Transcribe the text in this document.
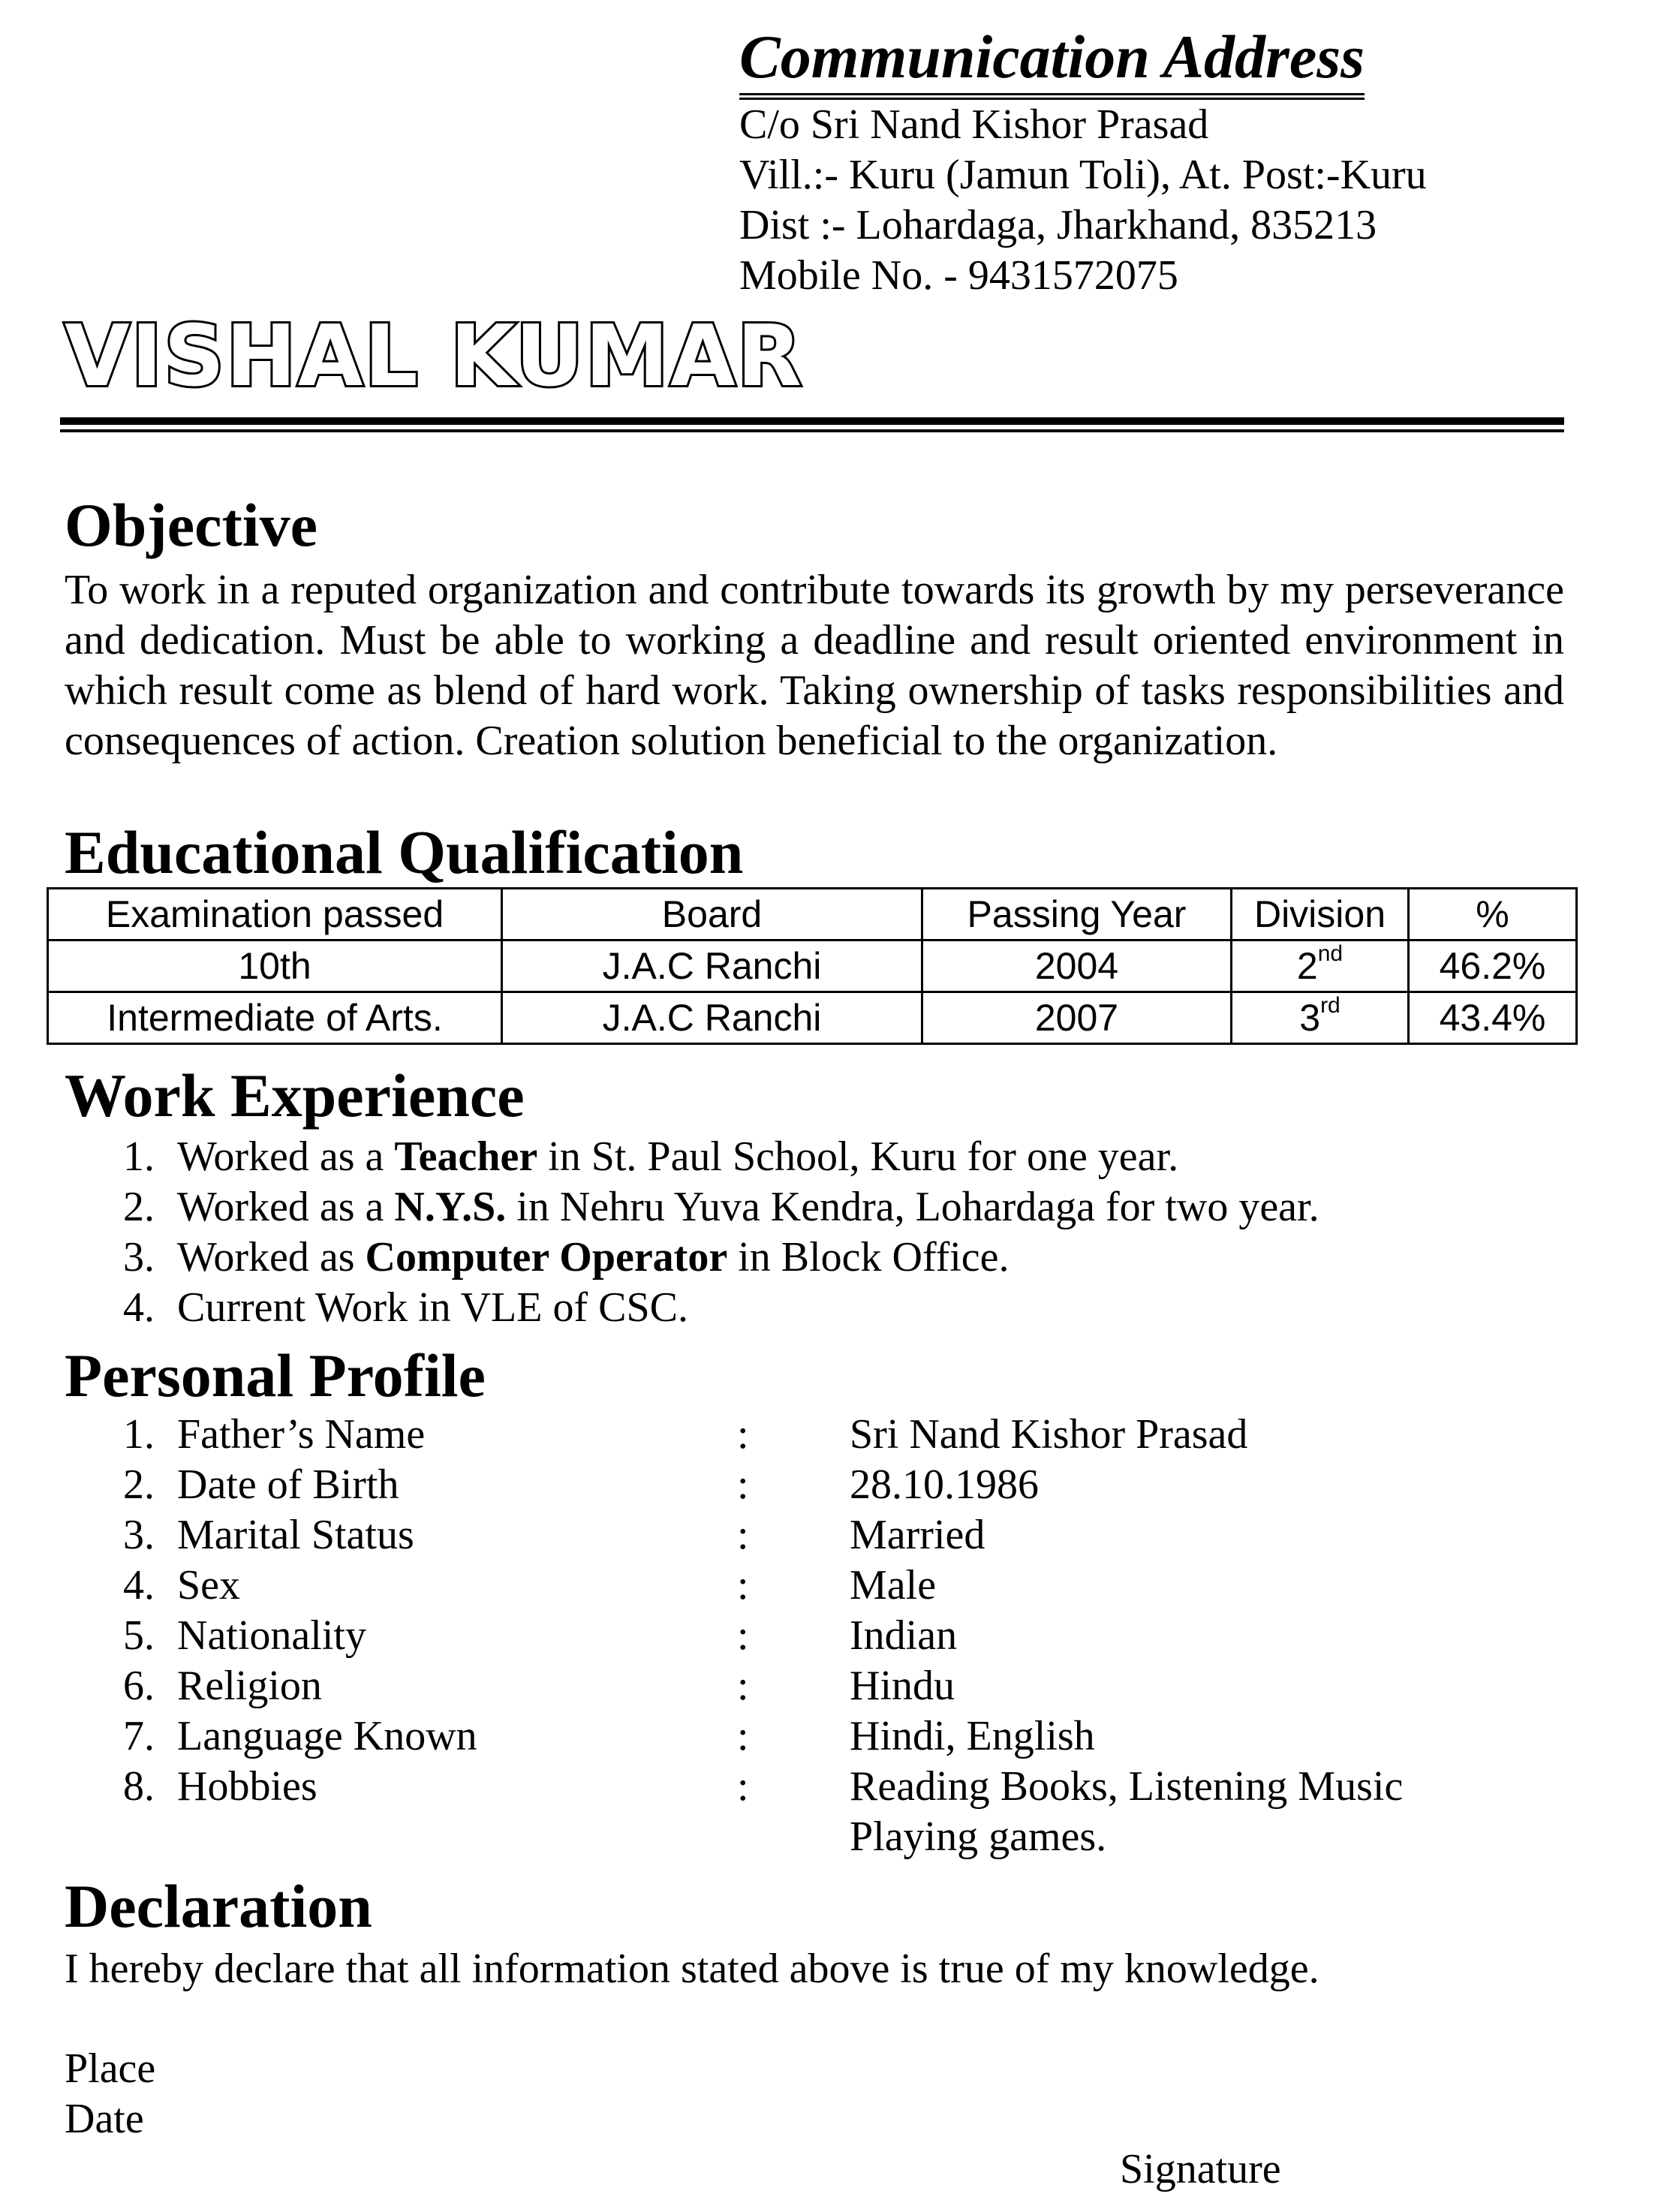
Communication Address
C/o Sri Nand Kishor Prasad
Vill.:- Kuru (Jamun Toli), At. Post:-Kuru
Dist :- Lohardaga, Jharkhand, 835213
Mobile No. - 9431572075
VISHAL KUMAR
Objective
To work in a reputed organization and contribute towards its growth by my perseverance and dedication. Must be able to working a deadline and result oriented environment in which result come as blend of hard work. Taking ownership of tasks responsibilities and consequences of action. Creation solution beneficial to the organization.
Educational Qualification
Examination passed	Board	Passing Year	Division	%
10th	J.A.C Ranchi	2004	2nd	46.2%
Intermediate of Arts.	J.A.C Ranchi	2007	3rd	43.4%
Work Experience
1. Worked as a Teacher in St. Paul School, Kuru for one year.
2. Worked as a N.Y.S. in Nehru Yuva Kendra, Lohardaga for two year.
3. Worked as Computer Operator in Block Office.
4. Current Work in VLE of CSC.
Personal Profile
1. Father’s Name	: Sri Nand Kishor Prasad
2. Date of Birth	: 28.10.1986
3. Marital Status	: Married
4. Sex	: Male
5. Nationality	: Indian
6. Religion	: Hindu
7. Language Known	: Hindi, English
8. Hobbies	: Reading Books, Listening Music
Playing games.
Declaration
I hereby declare that all information stated above is true of my knowledge.
Place
Date
Signature
